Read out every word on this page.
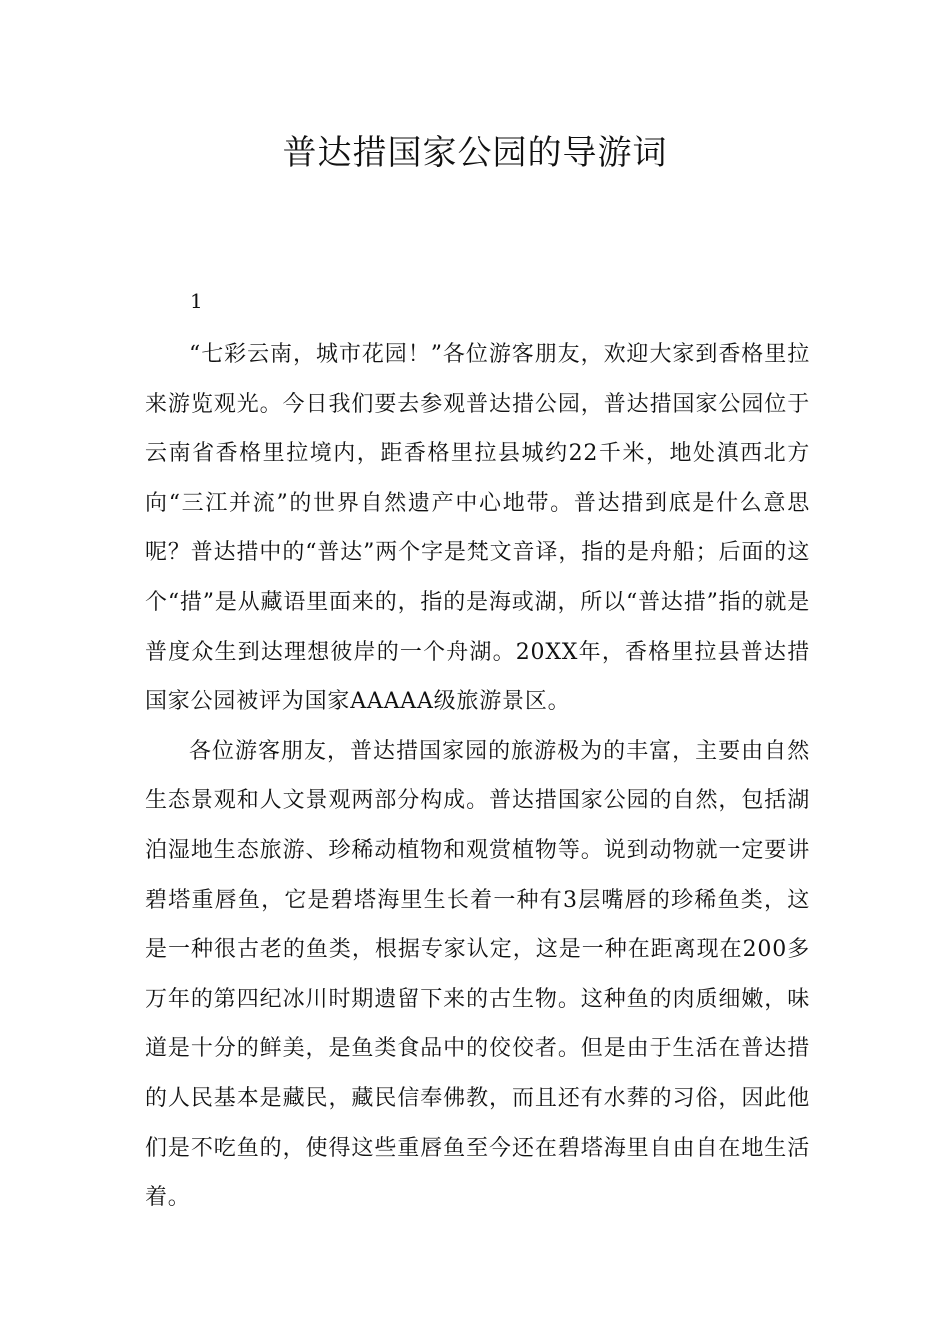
普达措国家公园的导游词
1

“七彩云南，城市花园！”各位游客朋友，欢迎大家到香格里拉来游览观光。今日我们要去参观普达措公园，普达措国家公园位于云南省香格里拉境内，距香格里拉县城约22千米，地处滇西北方向“三江并流”的世界自然遗产中心地带。普达措到底是什么意思呢？普达措中的“普达”两个字是梵文音译，指的是舟船；后面的这个“措”是从藏语里面来的，指的是海或湖，所以“普达措”指的就是普度众生到达理想彼岸的一个舟湖。20XX年，香格里拉县普达措国家公园被评为国家AAAAA级旅游景区。

各位游客朋友，普达措国家园的旅游极为的丰富，主要由自然生态景观和人文景观两部分构成。普达措国家公园的自然，包括湖泊湿地生态旅游、珍稀动植物和观赏植物等。说到动物就一定要讲碧塔重唇鱼，它是碧塔海里生长着一种有3层嘴唇的珍稀鱼类，这是一种很古老的鱼类，根据专家认定，这是一种在距离现在200多万年的第四纪冰川时期遗留下来的古生物。这种鱼的肉质细嫩，味道是十分的鲜美，是鱼类食品中的佼佼者。但是由于生活在普达措的人民基本是藏民，藏民信奉佛教，而且还有水葬的习俗，因此他们是不吃鱼的，使得这些重唇鱼至今还在碧塔海里自由自在地生活着。
